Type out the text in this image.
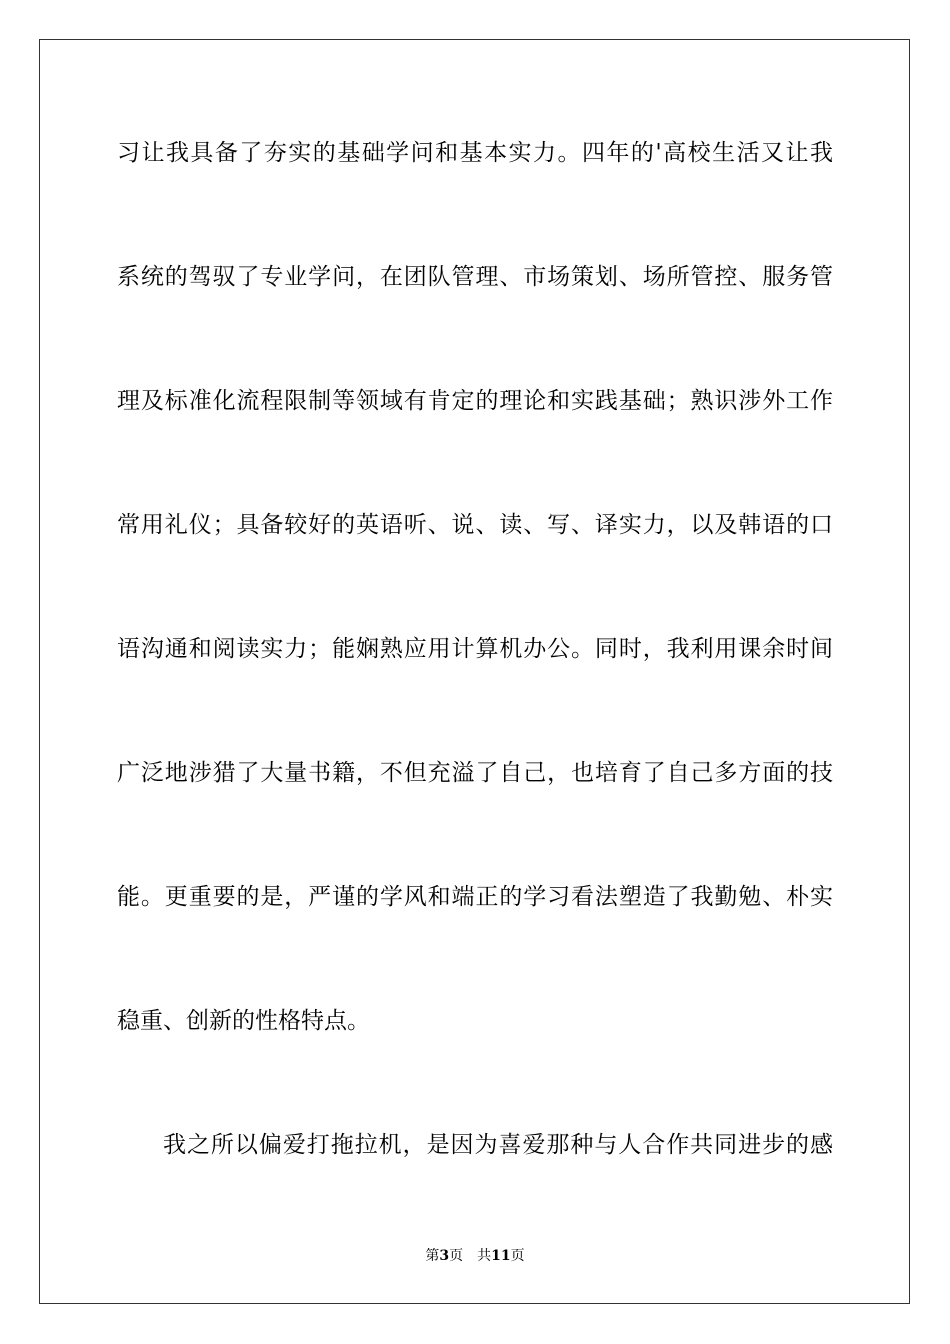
习让我具备了夯实的基础学问和基本实力。四年的'高校生活又让我
系统的驾驭了专业学问，在团队管理、市场策划、场所管控、服务管
理及标准化流程限制等领域有肯定的理论和实践基础；熟识涉外工作
常用礼仪；具备较好的英语听、说、读、写、译实力，以及韩语的口
语沟通和阅读实力；能娴熟应用计算机办公。同时，我利用课余时间
广泛地涉猎了大量书籍，不但充溢了自己，也培育了自己多方面的技
能。更重要的是，严谨的学风和端正的学习看法塑造了我勤勉、朴实
稳重、创新的性格特点。
我之所以偏爱打拖拉机，是因为喜爱那种与人合作共同进步的感
第3页 共11页
